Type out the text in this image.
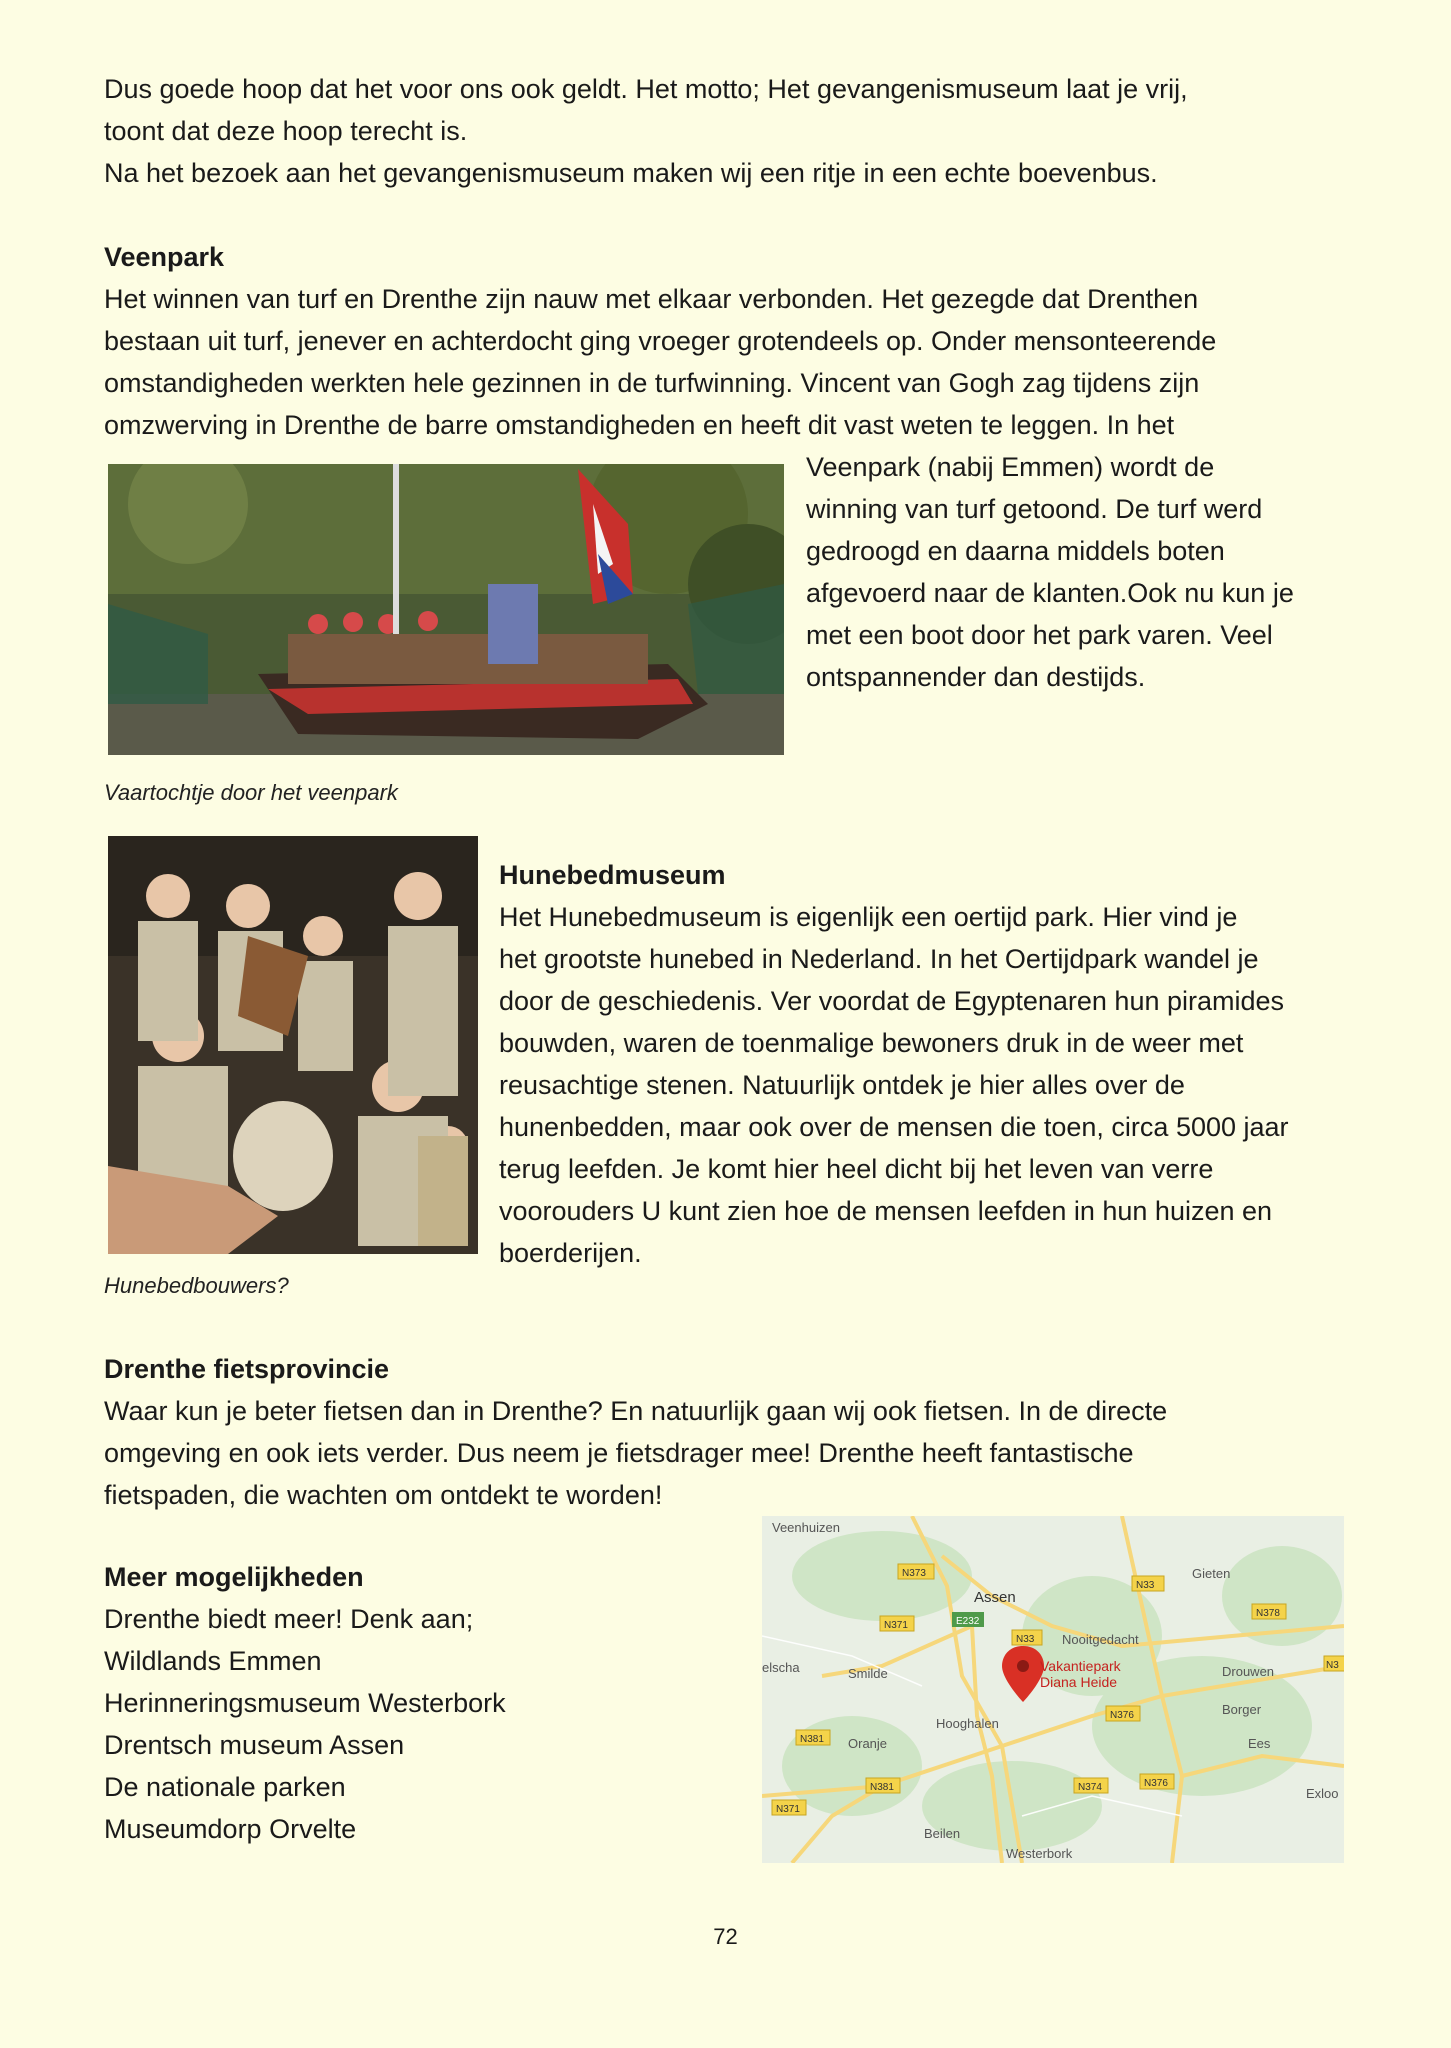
Dus goede hoop dat het voor ons ook geldt. Het motto; Het gevangenismuseum laat je vrij,

toont dat deze hoop terecht is.

Na het bezoek aan het gevangenismuseum maken wij een ritje in een echte boevenbus.

Veenpark

Het winnen van turf en Drenthe zijn nauw met elkaar verbonden. Het gezegde dat Drenthen

bestaan uit turf, jenever en achterdocht ging vroeger grotendeels op. Onder mensonteerende

omstandigheden werkten hele gezinnen in de turfwinning. Vincent van Gogh zag tijdens zijn

omzwerving in Drenthe de barre omstandigheden en heeft dit vast weten te leggen. In het

Veenpark (nabij Emmen) wordt de

winning van turf getoond. De turf werd

gedroogd en daarna middels boten

afgevoerd naar de klanten.Ook nu kun je

met een boot door het park varen. Veel

ontspannender dan destijds.

Vaartochtje door het veenpark

Hunebedmuseum

Het Hunebedmuseum is eigenlijk een oertijd park. Hier vind je

het grootste hunebed in Nederland. In het Oertijdpark wandel je

door de geschiedenis. Ver voordat de Egyptenaren hun piramides

bouwden, waren de toenmalige bewoners druk in de weer met

reusachtige stenen. Natuurlijk ontdek je hier alles over de

hunenbedden, maar ook over de mensen die toen, circa 5000 jaar

terug leefden. Je komt hier heel dicht bij het leven van verre

voorouders U kunt zien hoe de mensen leefden in hun huizen en

boerderijen.

Hunebedbouwers?

Drenthe fietsprovincie

Waar kun je beter fietsen dan in Drenthe? En natuurlijk gaan wij ook fietsen. In de directe

omgeving en ook iets verder. Dus neem je fietsdrager mee! Drenthe heeft fantastische

fietspaden, die wachten om ontdekt te worden!

Meer mogelijkheden

Drenthe biedt meer! Denk aan;

Wildlands Emmen

Herinneringsmuseum Westerbork

Drentsch museum Assen

De nationale parken

Museumdorp Orvelte

Veenhuizen
Assen
Gieten
Nooitgedacht
Smilde
elscha	Drouwen
Borger
Hooghalen
Oranje	Ees
Exloo
Beilen
Westerbork
N373
N33
N378
N371	E232
N33
N3
N376
N381
N381	N374	N376
N371
Vakantiepark
Diana Heide
72
